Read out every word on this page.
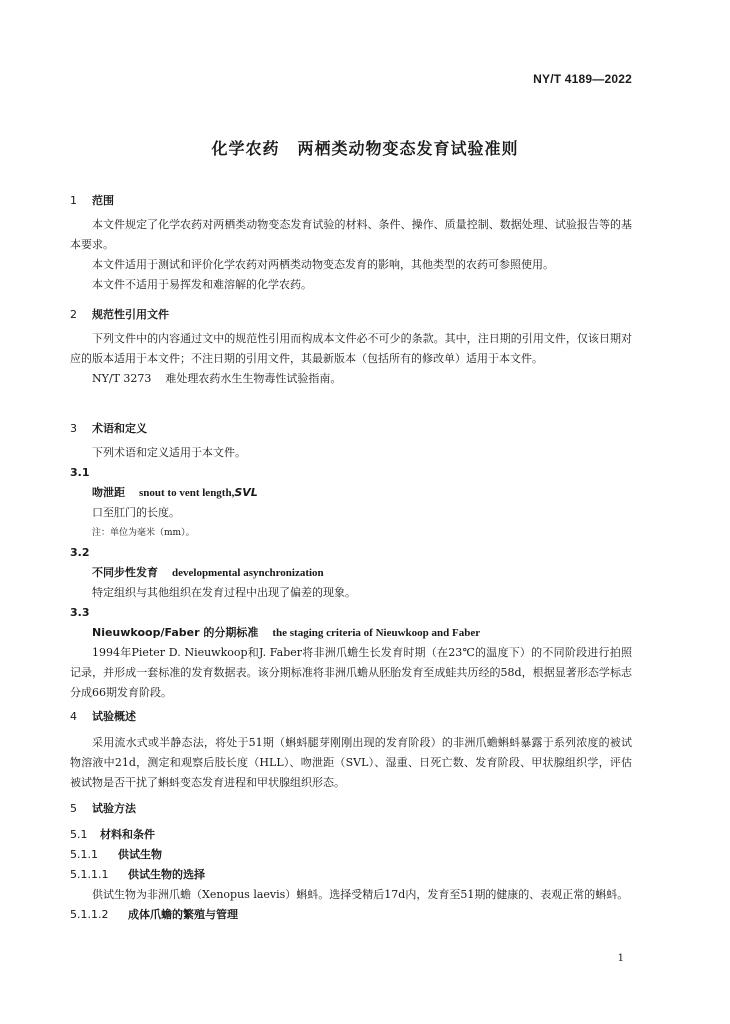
NY/T 4189—2022
化学农药 两栖类动物变态发育试验准则
1 范围
本文件规定了化学农药对两栖类动物变态发育试验的材料、条件、操作、质量控制、数据处理、试验报告等的基本要求。
本文件适用于测试和评价化学农药对两栖类动物变态发育的影响，其他类型的农药可参照使用。
本文件不适用于易挥发和难溶解的化学农药。
2 规范性引用文件
下列文件中的内容通过文中的规范性引用而构成本文件必不可少的条款。其中，注日期的引用文件，仅该日期对应的版本适用于本文件；不注日期的引用文件，其最新版本（包括所有的修改单）适用于本文件。
NY/T 3273 难处理农药水生生物毒性试验指南。
3 术语和定义
下列术语和定义适用于本文件。
3.1
吻泄距 snout to vent length,SVL
口至肛门的长度。
注：单位为毫米（mm）。
3.2
不同步性发育 developmental asynchronization
特定组织与其他组织在发育过程中出现了偏差的现象。
3.3
Nieuwkoop/Faber 的分期标准 the staging criteria of Nieuwkoop and Faber
1994年Pieter D. Nieuwkoop和J. Faber将非洲爪蟾生长发育时期（在23℃的温度下）的不同阶段进行拍照记录，并形成一套标准的发育数据表。该分期标准将非洲爪蟾从胚胎发育至成蛙共历经的58d，根据显著形态学标志分成66期发育阶段。
4 试验概述
采用流水式或半静态法，将处于51期（蝌蚪腿芽刚刚出现的发育阶段）的非洲爪蟾蝌蚪暴露于系列浓度的被试物溶液中21d，测定和观察后肢长度（HLL）、吻泄距（SVL）、湿重、日死亡数、发育阶段、甲状腺组织学，评估被试物是否干扰了蝌蚪变态发育进程和甲状腺组织形态。
5 试验方法
5.1 材料和条件
5.1.1 供试生物
5.1.1.1 供试生物的选择
供试生物为非洲爪蟾（Xenopus laevis）蝌蚪。选择受精后17d内，发育至51期的健康的、表观正常的蝌蚪。
5.1.1.2 成体爪蟾的繁殖与管理
1
